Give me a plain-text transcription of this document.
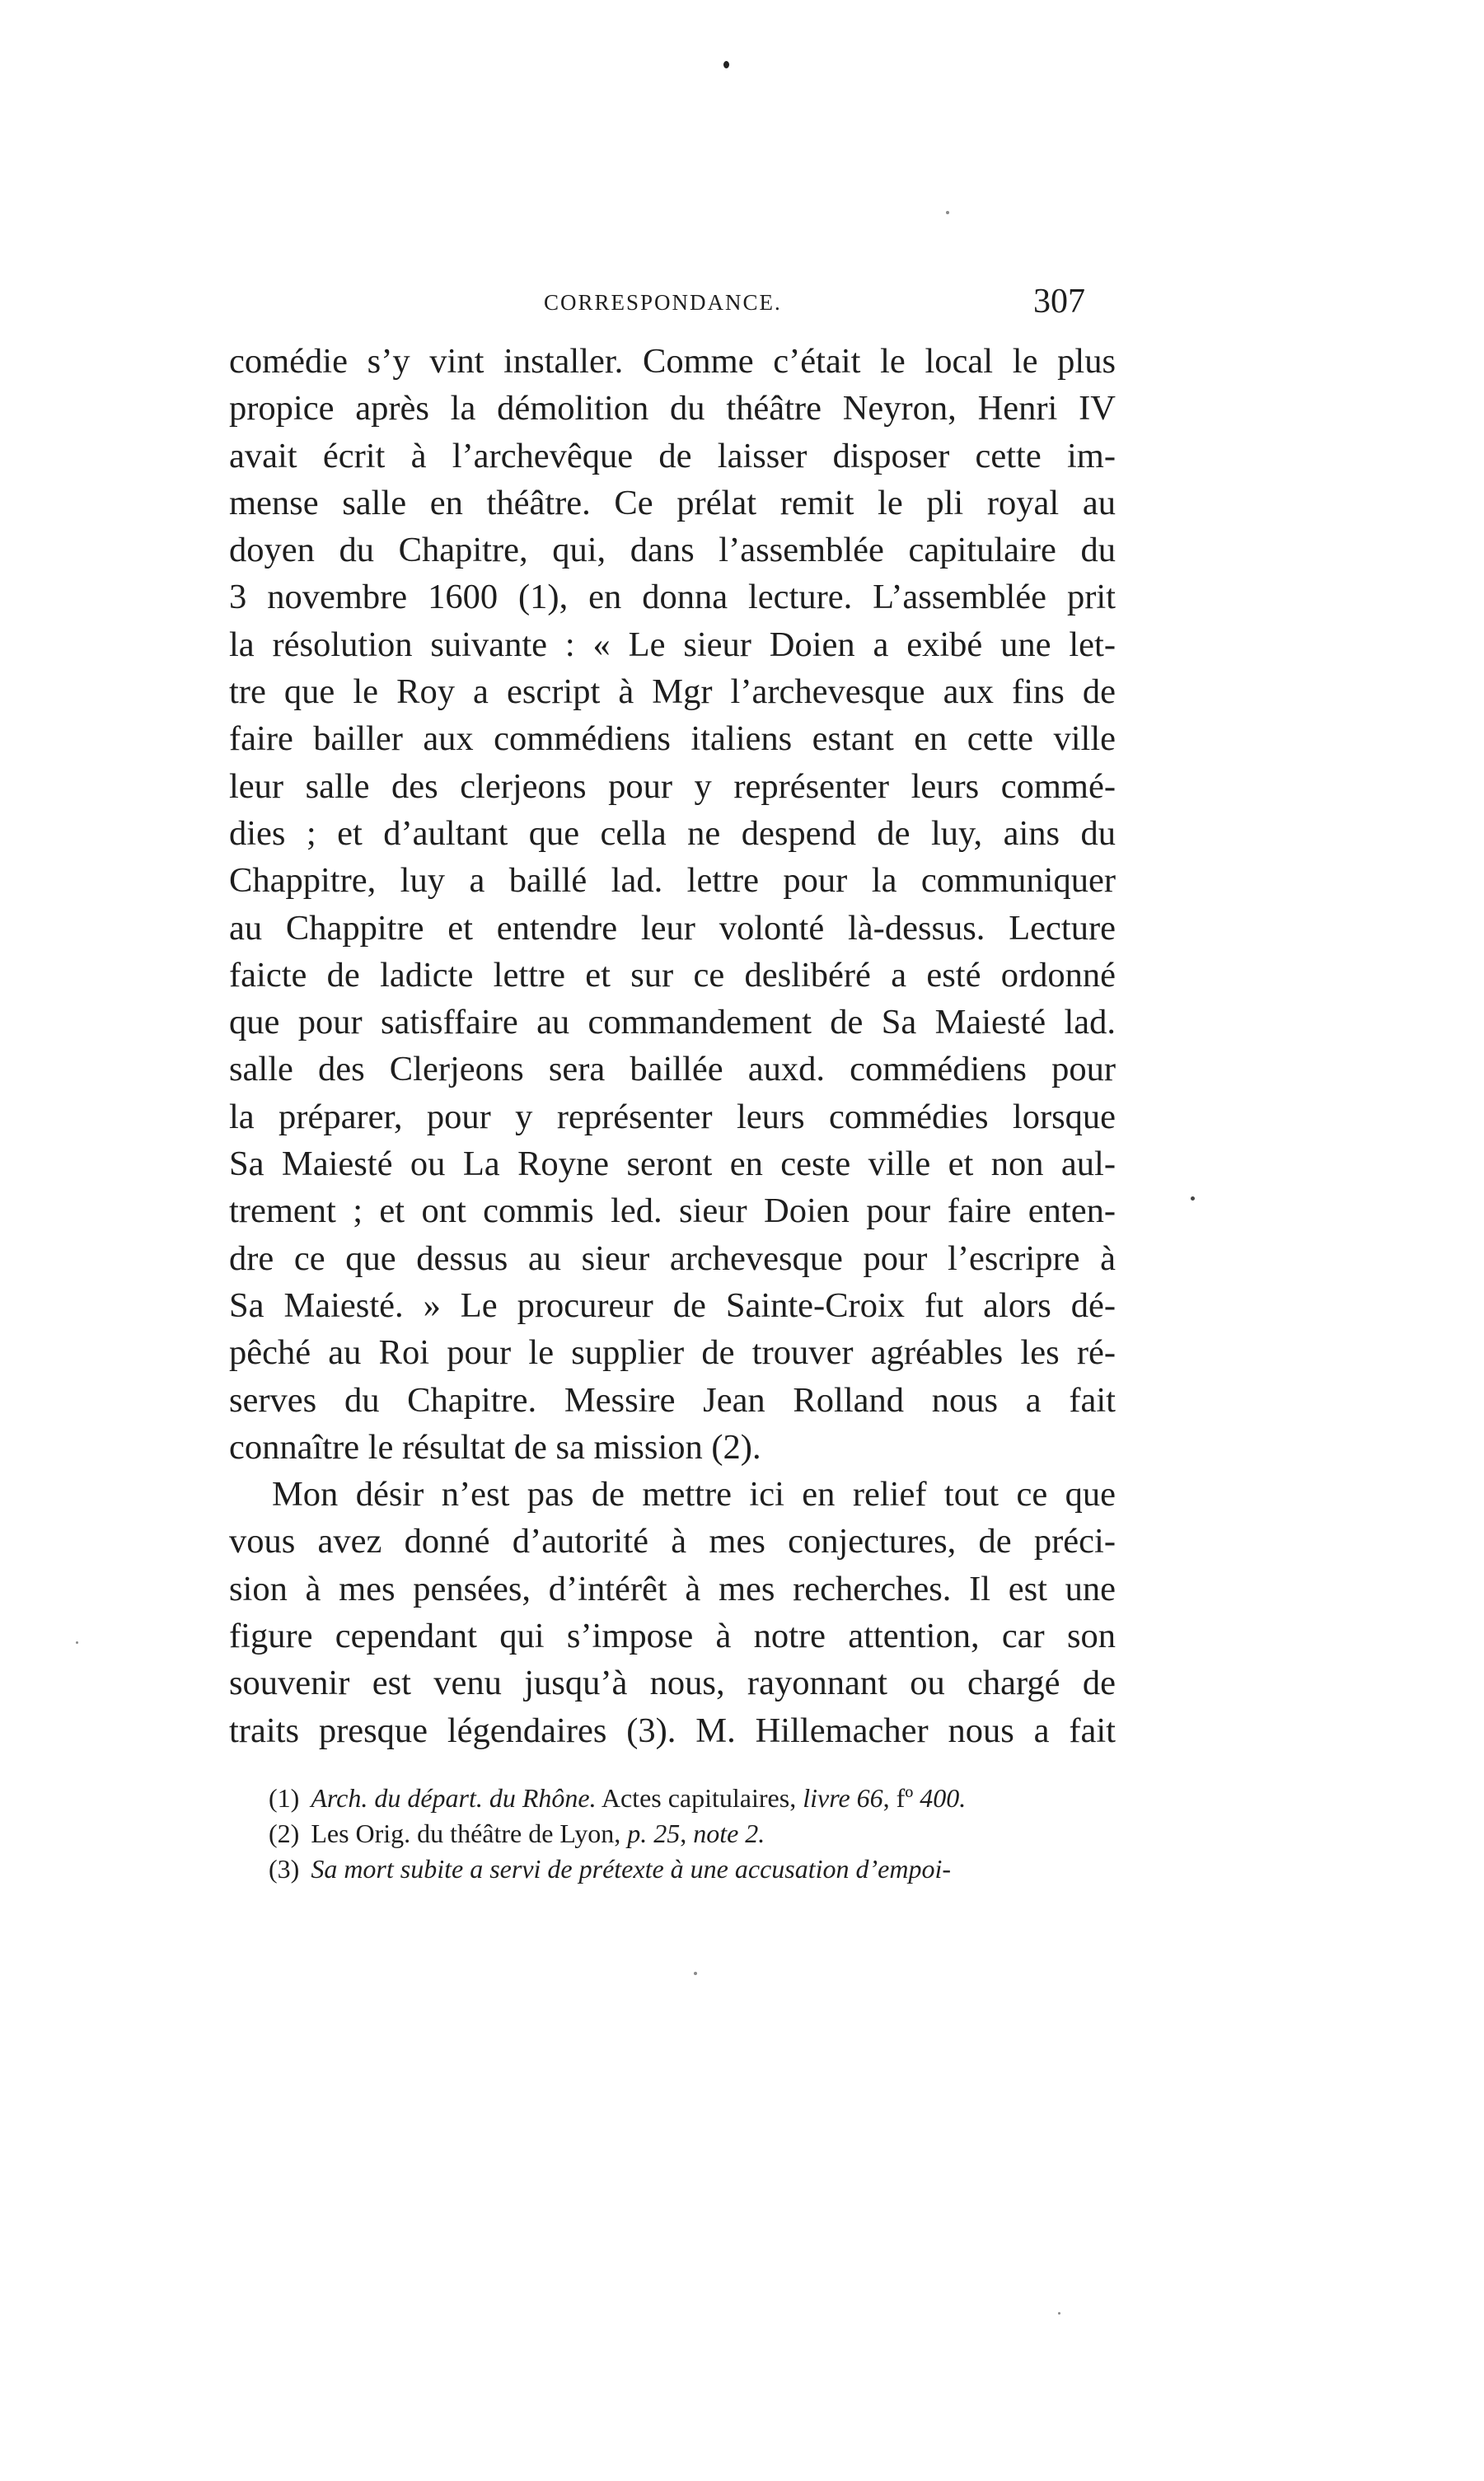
CORRESPONDANCE.	307
comédie s’y vint installer. Comme c’était le local le plus
propice après la démolition du théâtre Neyron, Henri IV
avait écrit à l’archevêque de laisser disposer cette im-
mense salle en théâtre. Ce prélat remit le pli royal au
doyen du Chapitre, qui, dans l’assemblée capitulaire du
3 novembre 1600 (1), en donna lecture. L’assemblée prit
la résolution suivante : « Le sieur Doien a exibé une let-
tre que le Roy a escript à Mgr l’archevesque aux fins de
faire bailler aux commédiens italiens estant en cette ville
leur salle des clerjeons pour y représenter leurs commé-
dies ; et d’aultant que cella ne despend de luy, ains du
Chappitre, luy a baillé lad. lettre pour la communiquer
au Chappitre et entendre leur volonté là-dessus. Lecture
faicte de ladicte lettre et sur ce deslibéré a esté ordonné
que pour satisffaire au commandement de Sa Maiesté lad.
salle des Clerjeons sera baillée auxd. commédiens pour
la préparer, pour y représenter leurs commédies lorsque
Sa Maiesté ou La Royne seront en ceste ville et non aul-
trement ; et ont commis led. sieur Doien pour faire enten-
dre ce que dessus au sieur archevesque pour l’escripre à
Sa Maiesté. » Le procureur de Sainte-Croix fut alors dé-
pêché au Roi pour le supplier de trouver agréables les ré-
serves du Chapitre. Messire Jean Rolland nous a fait
connaître le résultat de sa mission (2).
Mon désir n’est pas de mettre ici en relief tout ce que
vous avez donné d’autorité à mes conjectures, de préci-
sion à mes pensées, d’intérêt à mes recherches. Il est une
figure cependant qui s’impose à notre attention, car son
souvenir est venu jusqu’à nous, rayonnant ou chargé de
traits presque légendaires (3). M. Hillemacher nous a fait
(1) Arch. du départ. du Rhône. Actes capitulaires, livre 66, fº 400.
(2) Les Orig. du théâtre de Lyon, p. 25, note 2.
(3) Sa mort subite a servi de prétexte à une accusation d’empoi-
